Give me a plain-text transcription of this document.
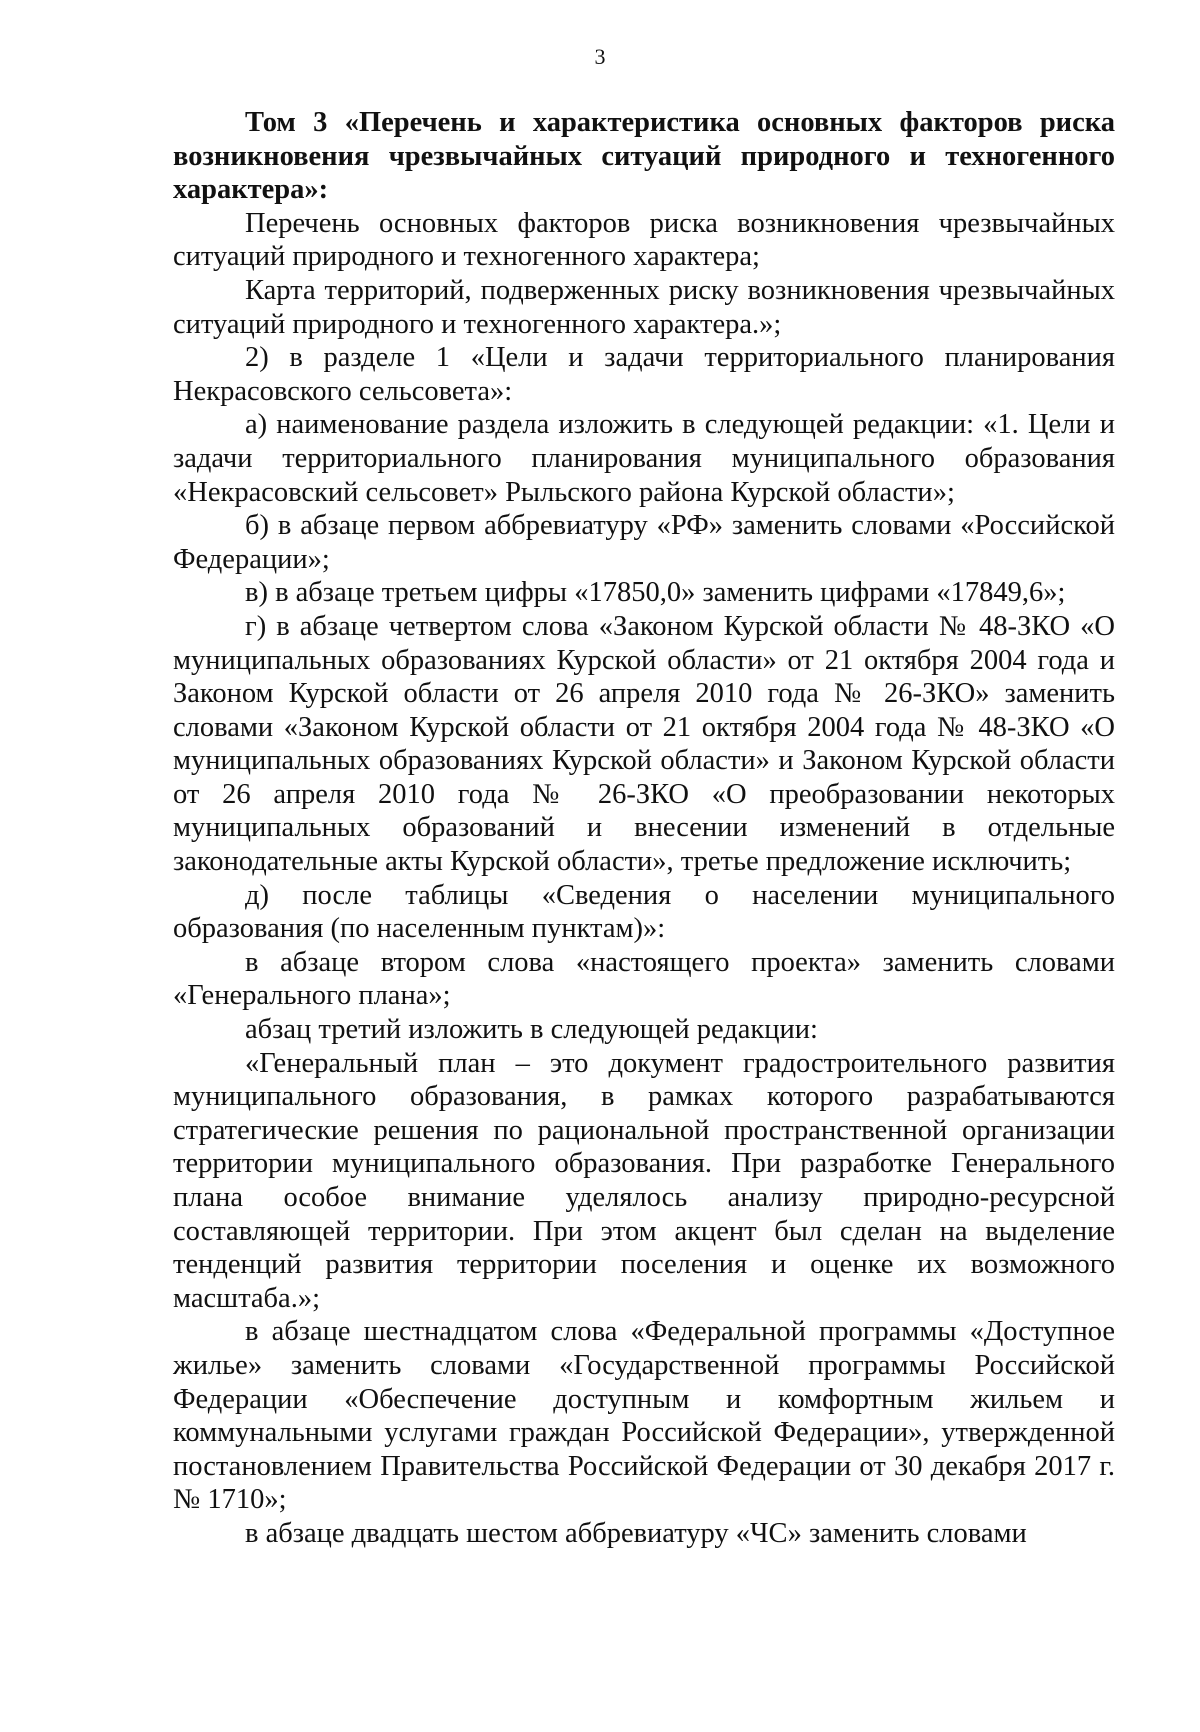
3

Том 3 «Перечень и характеристика основных факторов риска возникновения чрезвычайных ситуаций природного и техногенного характера»:

Перечень основных факторов риска возникновения чрезвычайных ситуаций природного и техногенного характера;

Карта территорий, подверженных риску возникновения чрезвычайных ситуаций природного и техногенного характера.»;

2) в разделе 1 «Цели и задачи территориального планирования Некрасовского сельсовета»:

а) наименование раздела изложить в следующей редакции: «1. Цели и задачи территориального планирования муниципального образования «Некрасовский сельсовет» Рыльского района Курской области»;

б) в абзаце первом аббревиатуру «РФ» заменить словами «Российской Федерации»;

в) в абзаце третьем цифры «17850,0» заменить цифрами «17849,6»;

г) в абзаце четвертом слова «Законом Курской области № 48-ЗКО «О муниципальных образованиях Курской области» от 21 октября 2004 года и Законом Курской области от 26 апреля 2010 года № 26-ЗКО» заменить словами «Законом Курской области от 21 октября 2004 года № 48-ЗКО «О муниципальных образованиях Курской области» и Законом Курской области от 26 апреля 2010 года № 26-ЗКО «О преобразовании некоторых муниципальных образований и внесении изменений в отдельные законодательные акты Курской области», третье предложение исключить;

д) после таблицы «Сведения о населении муниципального образования (по населенным пунктам)»:

в абзаце втором слова «настоящего проекта» заменить словами «Генерального плана»;

абзац третий изложить в следующей редакции:

«Генеральный план – это документ градостроительного развития муниципального образования, в рамках которого разрабатываются стратегические решения по рациональной пространственной организации территории муниципального образования. При разработке Генерального плана особое внимание уделялось анализу природно-ресурсной составляющей территории. При этом акцент был сделан на выделение тенденций развития территории поселения и оценке их возможного масштаба.»;

в абзаце шестнадцатом слова «Федеральной программы «Доступное жилье» заменить словами «Государственной программы Российской Федерации «Обеспечение доступным и комфортным жильем и коммунальными услугами граждан Российской Федерации», утвержденной постановлением Правительства Российской Федерации от 30 декабря 2017 г. № 1710»;

в абзаце двадцать шестом аббревиатуру «ЧС» заменить словами
